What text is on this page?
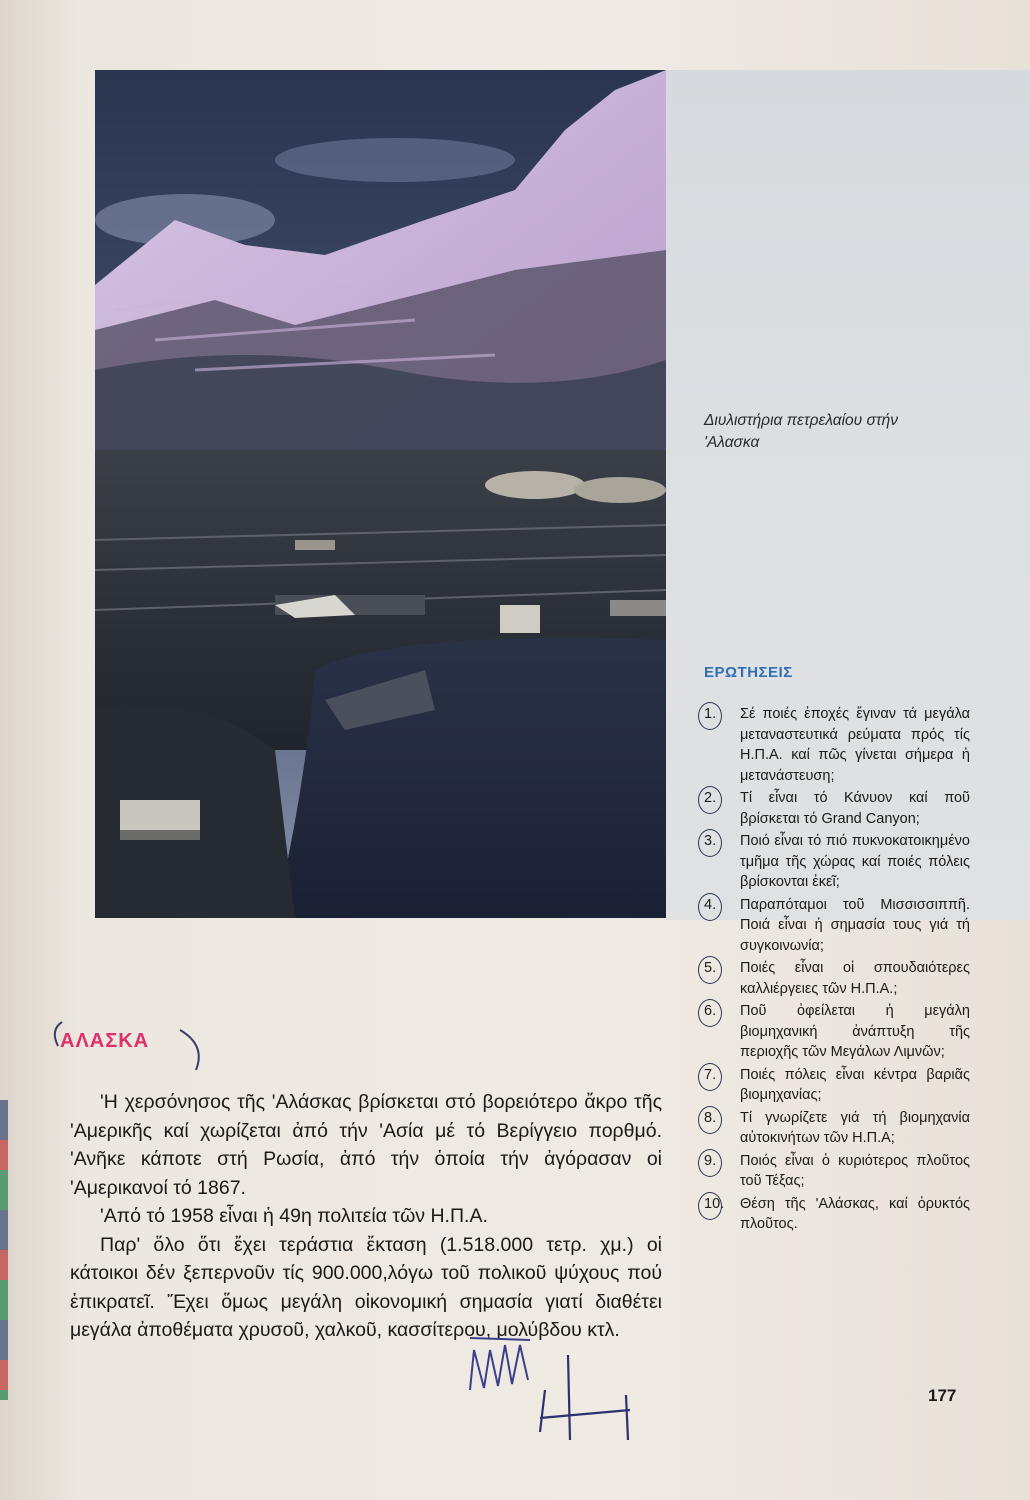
Διυλιστήρια πετρελαίου στήν
'Αλασκα
ΑΛΑΣΚΑ

'Η χερσόνησος τῆς 'Αλάσκας βρίσκεται στό βορειότερο ἄκρο τῆς 'Αμερικῆς καί χωρίζεται ἀπό τήν 'Ασία μέ τό Βερίγγειο πορθμό. 'Ανῆκε κάποτε στή Ρωσία, ἀπό τήν ὁποία τήν ἀγόρασαν οἱ 'Αμερικανοί τό 1867.

'Από τό 1958 εἶναι ἡ 49η πολιτεία τῶν Η.Π.Α.

Παρ' ὅλο ὅτι ἔχει τεράστια ἔκταση (1.518.000 τετρ. χμ.) οἱ κάτοικοι δέν ξεπερνοῦν τίς 900.000,λόγω τοῦ πολικοῦ ψύχους πού ἐπικρατεῖ. Ἔχει ὅμως μεγάλη οἰκονομική σημασία γιατί διαθέτει μεγάλα ἀποθέματα χρυσοῦ, χαλκοῦ, κασσίτερου, μολύβδου κτλ.

ΕΡΩΤΗΣΕΙΣ
1.	Σέ ποιές ἐποχές ἔγιναν τά μεγάλα μεταναστευτικά ρεύματα πρός τίς Η.Π.Α. καί πῶς γίνεται σήμερα ἡ μετανάστευση;
2.	Τί εἶναι τό Κάνυον καί ποῦ βρίσκεται τό Grand Canyon;
3.	Ποιό εἶναι τό πιό πυκνοκατοικημένο τμῆμα τῆς χώρας καί ποιές πόλεις βρίσκονται ἐκεῖ;
4.	Παραπόταμοι τοῦ Μισσισσιππῆ. Ποιά εἶναι ἡ σημασία τους γιά τή συγκοινωνία;
5.	Ποιές εἶναι οἱ σπουδαιότερες καλλιέργειες τῶν Η.Π.Α.;
6.	Ποῦ ὀφείλεται ἡ μεγάλη βιομηχανική ἀνάπτυξη τῆς περιοχῆς τῶν Μεγάλων Λιμνῶν;
7.	Ποιές πόλεις εἶναι κέντρα βαριᾶς βιομηχανίας;
8.	Τί γνωρίζετε γιά τή βιομηχανία αὐτοκινήτων τῶν Η.Π.Α;
9.	Ποιός εἶναι ὁ κυριότερος πλοῦτος τοῦ Τέξας;
10.	Θέση τῆς 'Αλάσκας, καί ὀρυκτός πλοῦτος.
177
